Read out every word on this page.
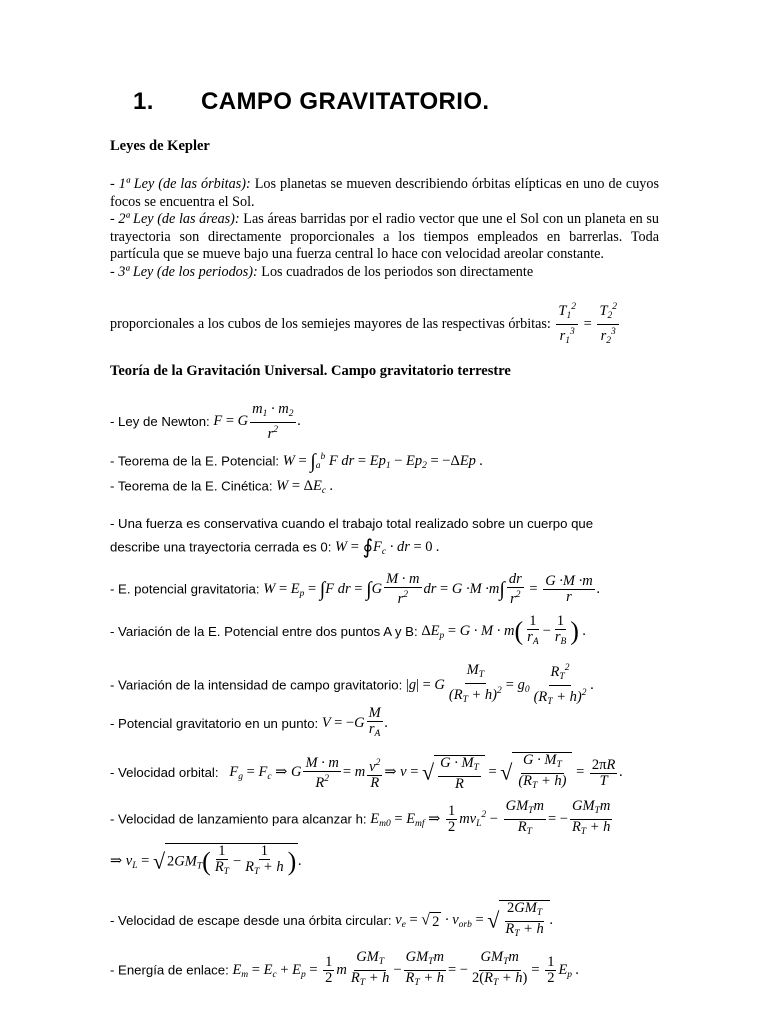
1. CAMPO GRAVITATORIO.
Leyes de Kepler
- 1ª Ley (de las órbitas): Los planetas se mueven describiendo órbitas elípticas en uno de cuyos focos se encuentra el Sol.
- 2ª Ley (de las áreas): Las áreas barridas por el radio vector que une el Sol con un planeta en su trayectoria son directamente proporcionales a los tiempos empleados en barrerlas. Toda partícula que se mueve bajo una fuerza central lo hace con velocidad areolar constante.
- 3ª Ley (de los periodos): Los cuadrados de los periodos son directamente
proporcionales a los cubos de los semiejes mayores de las respectivas órbitas: $\frac{T_1^2}{r_1^3} = \frac{T_2^2}{r_2^3}$
Teoría de la Gravitación Universal. Campo gravitatorio terrestre
- Ley de Newton: F = G $\frac{m_1 \cdot m_2}{r^2}$ .
- Teorema de la E. Potencial: $W = \int_a^b$ F dr = $Ep_1 - Ep_2 = -\Delta Ep$ .
- Teorema de la E. Cinética: $W = \Delta E_c$ .
- Una fuerza es conservativa cuando el trabajo total realizado sobre un cuerpo que
describe una trayectoria cerrada es 0: $W = ∮F_c$ · dr = 0 .
- E. potencial gravitatoria: $W = E_p = \int F$ dr = $\int G \frac{M \cdot m}{r^2}$ dr = $G \cdot M \cdot m\int \frac{dr}{r^2} = \frac{G \cdot M \cdot m}{r}$ .
- Variación de la E. Potencial entre dos puntos A y B: $\Delta E_p = G \cdot M \cdot m( \frac{1}{r_A} - \frac{1}{r_B}$ ) .
- Variación de la intensidad de campo gravitatorio: |g| = G $\frac{M_T}{(R_T + h)^2} = g_0 \frac{R_T^2}{(R_T + h)^2}$ .
- Potencial gravitatorio en un punto: $V = -G \frac{M}{r_A}$ .
- Velocidad orbital:   $F_g = F_c$ ⇒ G $\frac{M \cdot m}{R^2} = m \frac{v^2}{R}$ ⇒ v = √ $\frac{G \cdot M_T}{R}$ = √ $\frac{G \cdot M_T}{(R_T + h)} = \frac{2\pi R}{T}$ .
- Velocidad de lanzamiento para alcanzar h: $E_{m0} = E_{mf}$ ⇒ $\frac{1}{2} mv_L^2 - \frac{GM_Tm}{R_T}$ = − $\frac{GM_Tm}{R_T + h}$
⇒ $v_L = √2GM_T( \frac{1}{R_T} - \frac{1}{R_T + h}$ ) .
- Velocidad de escape desde una órbita circular: $v_e$ = √ $2 \cdot v_{orb}$ = √ $\frac{2GM_T}{R_T + h}$ .
- Energía de enlace: $E_m = E_c + E_p = \frac{1}{2}$ m $\frac{GM_T}{R_T + h} - \frac{GM_Tm}{R_T + h}$ = − $\frac{GM_Tm}{2(R_T + h)} = \frac{1}{2} E_p$ .
